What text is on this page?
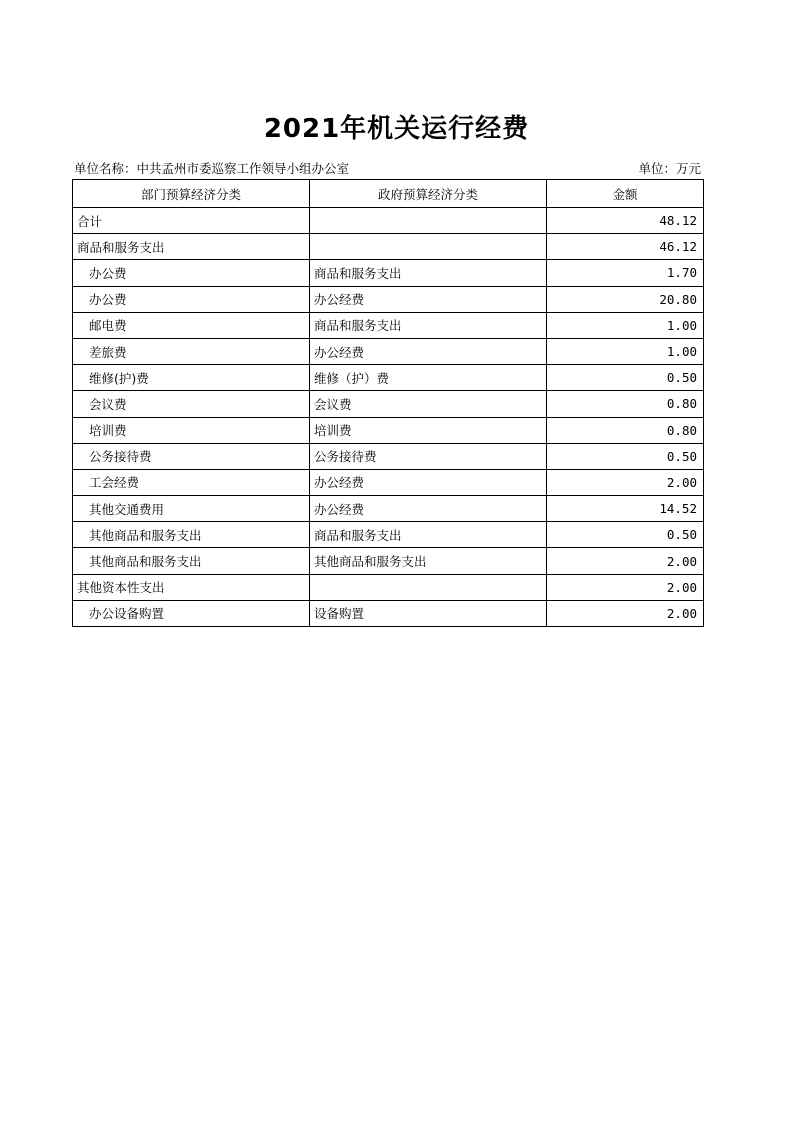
2021年机关运行经费
单位名称：中共孟州市委巡察工作领导小组办公室	单位：万元
部门预算经济分类	政府预算经济分类	金额
合计		48.12
商品和服务支出		46.12
办公费	商品和服务支出	1.70
办公费	办公经费	20.80
邮电费	商品和服务支出	1.00
差旅费	办公经费	1.00
维修(护)费	维修（护）费	0.50
会议费	会议费	0.80
培训费	培训费	0.80
公务接待费	公务接待费	0.50
工会经费	办公经费	2.00
其他交通费用	办公经费	14.52
其他商品和服务支出	商品和服务支出	0.50
其他商品和服务支出	其他商品和服务支出	2.00
其他资本性支出		2.00
办公设备购置	设备购置	2.00
